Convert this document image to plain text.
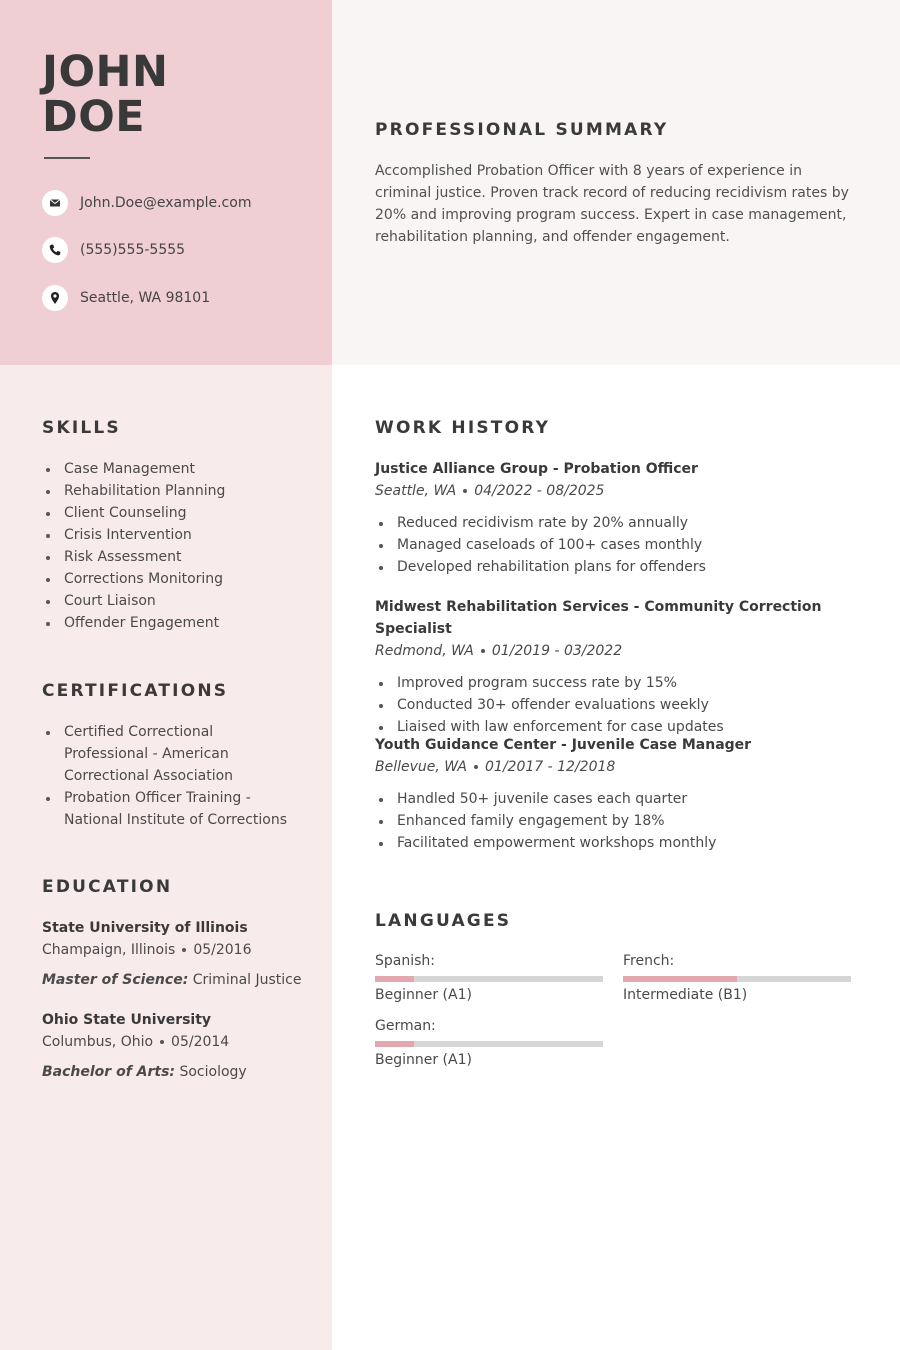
JOHN
DOE
John.Doe@example.com
(555)555-5555
Seattle, WA 98101
PROFESSIONAL SUMMARY
Accomplished Probation Officer with 8 years of experience in criminal justice. Proven track record of reducing recidivism rates by 20% and improving program success. Expert in case management, rehabilitation planning, and offender engagement.
SKILLS
Case Management
Rehabilitation Planning
Client Counseling
Crisis Intervention
Risk Assessment
Corrections Monitoring
Court Liaison
Offender Engagement
CERTIFICATIONS
Certified Correctional Professional - American Correctional Association
Probation Officer Training - National Institute of Corrections
EDUCATION
State University of Illinois
Champaign, Illinois 05/2016
Master of Science: Criminal Justice
Ohio State University
Columbus, Ohio 05/2014
Bachelor of Arts: Sociology
WORK HISTORY
Justice Alliance Group - Probation Officer
Seattle, WA 04/2022 - 08/2025
Reduced recidivism rate by 20% annually
Managed caseloads of 100+ cases monthly
Developed rehabilitation plans for offenders
Midwest Rehabilitation Services - Community Correction Specialist
Redmond, WA 01/2019 - 03/2022
Improved program success rate by 15%
Conducted 30+ offender evaluations weekly
Liaised with law enforcement for case updates
Youth Guidance Center - Juvenile Case Manager
Bellevue, WA 01/2017 - 12/2018
Handled 50+ juvenile cases each quarter
Enhanced family engagement by 18%
Facilitated empowerment workshops monthly
LANGUAGES
Spanish:
Beginner (A1)
French:
Intermediate (B1)
German:
Beginner (A1)
